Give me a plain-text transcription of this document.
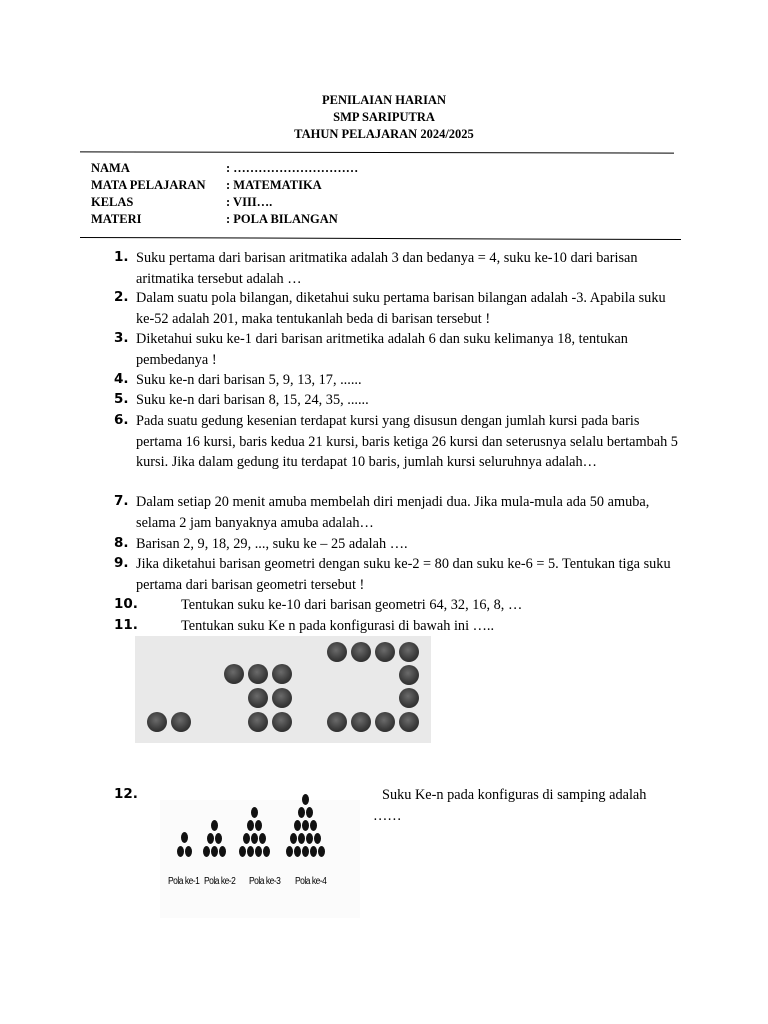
PENILAIAN HARIAN
SMP SARIPUTRA
TAHUN PELAJARAN 2024/2025
NAMA	: …………………………
MATA PELAJARAN : MATEMATIKA
KELAS	: VIII….
MATERI	: POLA BILANGAN
1. Suku pertama dari barisan aritmatika adalah 3 dan bedanya = 4, suku ke-10 dari barisan aritmatika tersebut adalah …
2. Dalam suatu pola bilangan, diketahui suku pertama barisan bilangan adalah -3. Apabila suku ke-52 adalah 201, maka tentukanlah beda di barisan tersebut !
3. Diketahui suku ke-1 dari barisan aritmetika adalah 6 dan suku kelimanya 18, tentukan pembedanya !
4. Suku ke-n dari barisan 5, 9, 13, 17, ......
5. Suku ke-n dari barisan 8, 15, 24, 35, ......
6. Pada suatu gedung kesenian terdapat kursi yang disusun dengan jumlah kursi pada baris pertama 16 kursi, baris kedua 21 kursi, baris ketiga 26 kursi dan seterusnya selalu bertambah 5 kursi. Jika dalam gedung itu terdapat 10 baris, jumlah kursi seluruhnya adalah…
7. Dalam setiap 20 menit amuba membelah diri menjadi dua. Jika mula-mula ada 50 amuba, selama 2 jam banyaknya amuba adalah…
8. Barisan 2, 9, 18, 29, ..., suku ke – 25 adalah ….
9. Jika diketahui barisan geometri dengan suku ke-2 = 80 dan suku ke-6 = 5. Tentukan tiga suku pertama dari barisan geometri tersebut !
10.	Tentukan suku ke-10 dari barisan geometri 64, 32, 16, 8, …
11.	Tentukan suku Ke n pada konfigurasi di bawah ini …..
12.	Suku Ke-n pada konfiguras di samping adalah ……
Pola ke-1 Pola ke-2 Pola ke-3 Pola ke-4
